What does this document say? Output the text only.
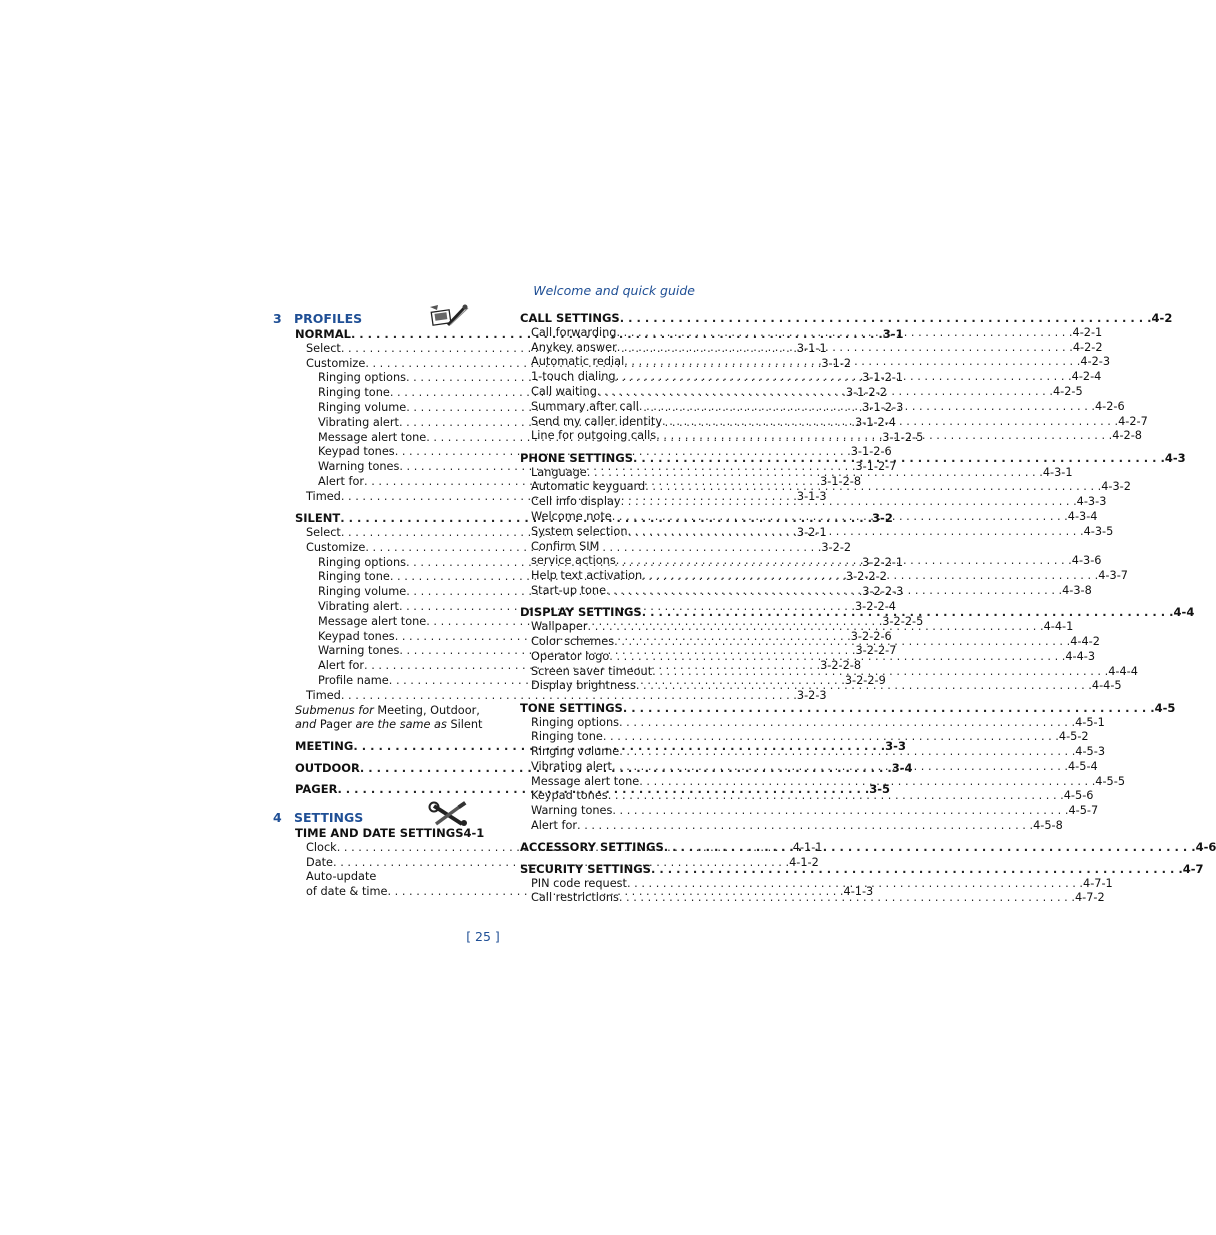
Welcome and quick guide
3 PROFILES
NORMAL . . .	3-1
Select . . .	3-1-1
Customize . . .	3-1-2
Ringing options . . .	3-1-2-1
Ringing tone . . .	3-1-2-2
Ringing volume . . .	3-1-2-3
Vibrating alert . . .	3-1-2-4
Message alert tone . . .	3-1-2-5
Keypad tones . . .	3-1-2-6
Warning tones . . .	3-1-2-7
Alert for . . .	3-1-2-8
Timed . . .	3-1-3
SILENT . . .	3-2
Select . . .	3-2-1
Customize . . .	3-2-2
Ringing options . . .	3-2-2-1
Ringing tone . . .	3-2-2-2
Ringing volume . . .	3-2-2-3
Vibrating alert . . .	3-2-2-4
Message alert tone . . .	3-2-2-5
Keypad tones . . .	3-2-2-6
Warning tones . . .	3-2-2-7
Alert for . . .	3-2-2-8
Profile name . . .	3-2-2-9
Timed . . .	3-2-3
Submenus for Meeting, Outdoor,
and Pager are the same as Silent
MEETING . . .	3-3
OUTDOOR . . .	3-4
PAGER . . .	3-5
4 SETTINGS
TIME AND DATE SETTINGS 4-1
Clock . . .	4-1-1
Date . . .	4-1-2
Auto-update
of date & time . . .	4-1-3
CALL SETTINGS . . .	4-2
Call forwarding . . .	4-2-1
Anykey answer . . .	4-2-2
Automatic redial . . .	4-2-3
1-touch dialing . . .	4-2-4
Call waiting . . .	4-2-5
Summary after call . . .	4-2-6
Send my caller identity . . .	4-2-7
Line for outgoing calls . . .	4-2-8
PHONE SETTINGS . . .	4-3
Language . . .	4-3-1
Automatic keyguard . . .	4-3-2
Cell info display . . .	4-3-3
Welcome note . . .	4-3-4
System selection . . .	4-3-5
Confirm SIM
service actions . . .	4-3-6
Help text activation . . .	4-3-7
Start-up tone . . .	4-3-8
DISPLAY SETTINGS . . .	4-4
Wallpaper . . .	4-4-1
Color schemes . . .	4-4-2
Operator logo . . .	4-4-3
Screen saver timeout . . .	4-4-4
Display brightness . . .	4-4-5
TONE SETTINGS . . .	4-5
Ringing options . . .	4-5-1
Ringing tone . . .	4-5-2
Ringing volume . . .	4-5-3
Vibrating alert . . .	4-5-4
Message alert tone . . .	4-5-5
Keypad tones . . .	4-5-6
Warning tones . . .	4-5-7
Alert for . . .	4-5-8
ACCESSORY SETTINGS . . .	4-6
SECURITY SETTINGS . . .	4-7
PIN code request . . .	4-7-1
Call restrictions . . .	4-7-2
[ 25 ]
